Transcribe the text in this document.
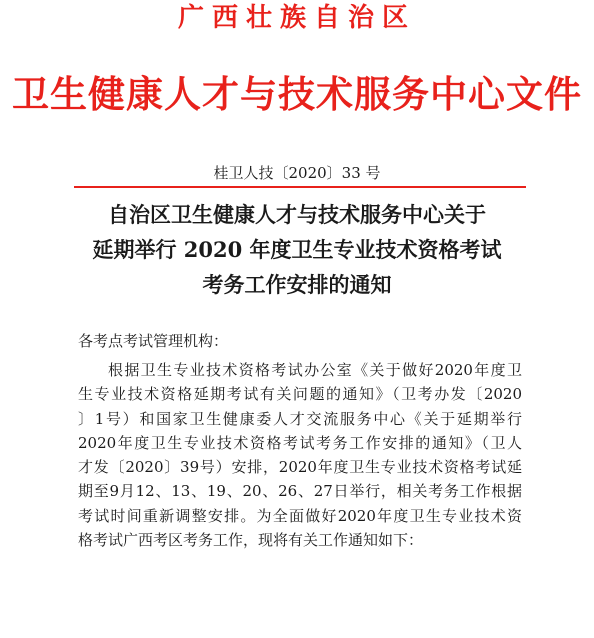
广西壮族自治区
卫生健康人才与技术服务中心文件
桂卫人技〔2020〕33 号
自治区卫生健康人才与技术服务中心关于
延期举行 2020 年度卫生专业技术资格考试
考务工作安排的通知
各考点考试管理机构：
根据卫生专业技术资格考试办公室《关于做好2020年度卫
生专业技术资格延期考试有关问题的通知》（卫考办发〔2020
〕1号）和国家卫生健康委人才交流服务中心《关于延期举行
2020年度卫生专业技术资格考试考务工作安排的通知》（卫人
才发〔2020〕39号）安排，2020年度卫生专业技术资格考试延
期至9月12、13、19、20、26、27日举行，相关考务工作根据
考试时间重新调整安排。为全面做好2020年度卫生专业技术资
格考试广西考区考务工作，现将有关工作通知如下：
